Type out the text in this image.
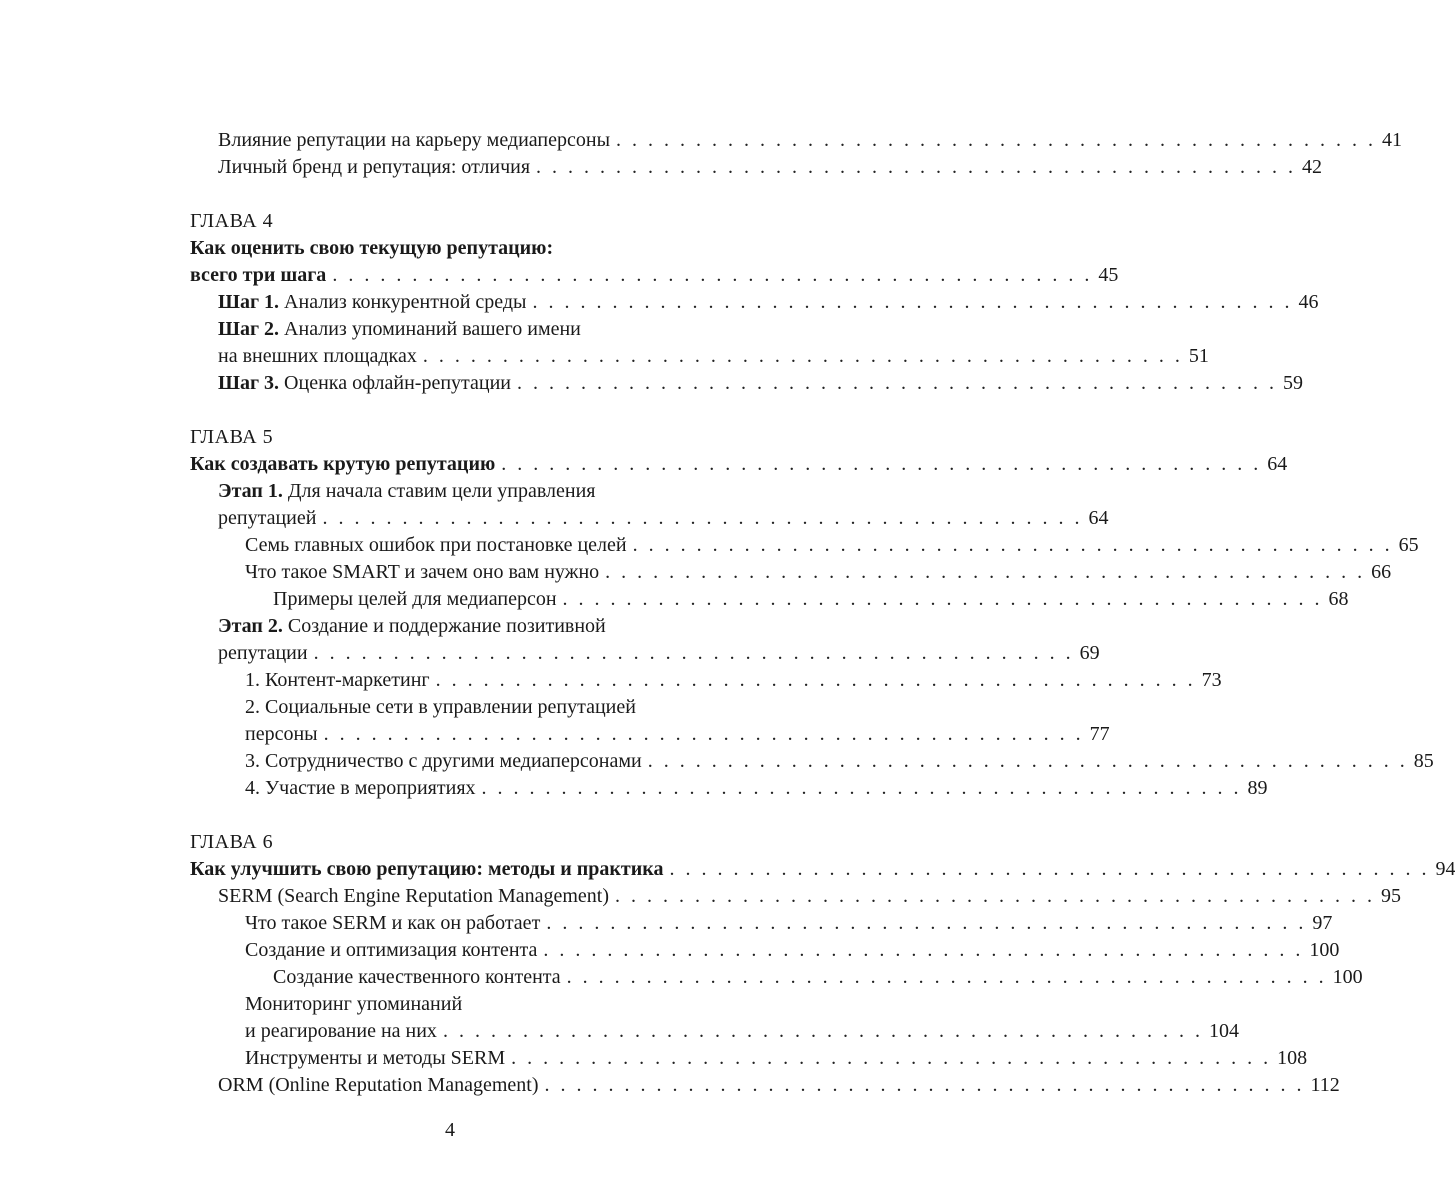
Влияние репутации на карьеру медиаперсоны . . . . . . . . . . . . . . . . . . . . . . . . . . . . . . . . . . . . . . . . . . . . . . . . 41
Личный бренд и репутация: отличия . . . . . . . . . . . . . . . . . . . . . . . . . . . . . . . . . . . . . . . . . . . . . . . . 42
ГЛАВА 4
Как оценить свою текущую репутацию:
всего три шага . . . . . . . . . . . . . . . . . . . . . . . . . . . . . . . . . . . . . . . . . . . . . . . . 45
Шаг 1. Анализ конкурентной среды . . . . . . . . . . . . . . . . . . . . . . . . . . . . . . . . . . . . . . . . . . . . . . . . 46
Шаг 2. Анализ упоминаний вашего имени
на внешних площадках . . . . . . . . . . . . . . . . . . . . . . . . . . . . . . . . . . . . . . . . . . . . . . . . 51
Шаг 3. Оценка офлайн-репутации . . . . . . . . . . . . . . . . . . . . . . . . . . . . . . . . . . . . . . . . . . . . . . . . 59
ГЛАВА 5
Как создавать крутую репутацию . . . . . . . . . . . . . . . . . . . . . . . . . . . . . . . . . . . . . . . . . . . . . . . . 64
Этап 1. Для начала ставим цели управления
репутацией . . . . . . . . . . . . . . . . . . . . . . . . . . . . . . . . . . . . . . . . . . . . . . . . 64
Семь главных ошибок при постановке целей . . . . . . . . . . . . . . . . . . . . . . . . . . . . . . . . . . . . . . . . . . . . . . . . 65
Что такое SMART и зачем оно вам нужно . . . . . . . . . . . . . . . . . . . . . . . . . . . . . . . . . . . . . . . . . . . . . . . . 66
Примеры целей для медиаперсон . . . . . . . . . . . . . . . . . . . . . . . . . . . . . . . . . . . . . . . . . . . . . . . . 68
Этап 2. Создание и поддержание позитивной
репутации . . . . . . . . . . . . . . . . . . . . . . . . . . . . . . . . . . . . . . . . . . . . . . . . 69
1. Контент-маркетинг . . . . . . . . . . . . . . . . . . . . . . . . . . . . . . . . . . . . . . . . . . . . . . . . 73
2. Социальные сети в управлении репутацией
персоны . . . . . . . . . . . . . . . . . . . . . . . . . . . . . . . . . . . . . . . . . . . . . . . . 77
3. Сотрудничество с другими медиаперсонами . . . . . . . . . . . . . . . . . . . . . . . . . . . . . . . . . . . . . . . . . . . . . . . . 85
4. Участие в мероприятиях . . . . . . . . . . . . . . . . . . . . . . . . . . . . . . . . . . . . . . . . . . . . . . . . 89
ГЛАВА 6
Как улучшить свою репутацию: методы и практика . . . . . . . . . . . . . . . . . . . . . . . . . . . . . . . . . . . . . . . . . . . . . . . . 94
SERM (Search Engine Reputation Management) . . . . . . . . . . . . . . . . . . . . . . . . . . . . . . . . . . . . . . . . . . . . . . . . 95
Что такое SERM и как он работает . . . . . . . . . . . . . . . . . . . . . . . . . . . . . . . . . . . . . . . . . . . . . . . . 97
Создание и оптимизация контента . . . . . . . . . . . . . . . . . . . . . . . . . . . . . . . . . . . . . . . . . . . . . . . . 100
Создание качественного контента . . . . . . . . . . . . . . . . . . . . . . . . . . . . . . . . . . . . . . . . . . . . . . . . 100
Мониторинг упоминаний
и реагирование на них . . . . . . . . . . . . . . . . . . . . . . . . . . . . . . . . . . . . . . . . . . . . . . . . 104
Инструменты и методы SERM . . . . . . . . . . . . . . . . . . . . . . . . . . . . . . . . . . . . . . . . . . . . . . . . 108
ORM (Online Reputation Management) . . . . . . . . . . . . . . . . . . . . . . . . . . . . . . . . . . . . . . . . . . . . . . . . 112
4
